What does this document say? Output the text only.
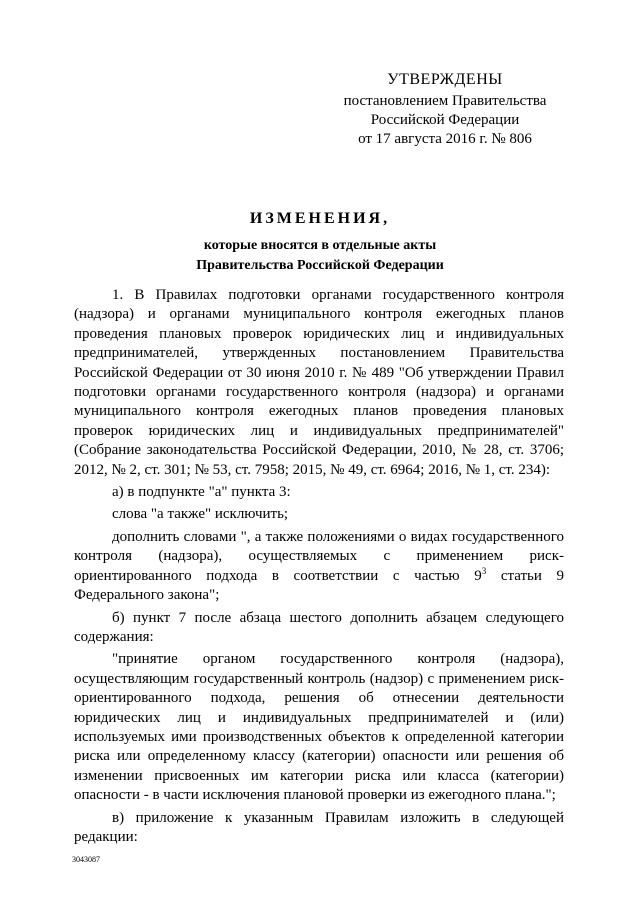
УТВЕРЖДЕНЫ
постановлением Правительства
Российской Федерации
от 17 августа 2016 г. № 806
ИЗМЕНЕНИЯ,
которые вносятся в отдельные акты
Правительства Российской Федерации

1. В Правилах подготовки органами государственного контроля (надзора) и органами муниципального контроля ежегодных планов проведения плановых проверок юридических лиц и индивидуальных предпринимателей, утвержденных постановлением Правительства Российской Федерации от 30 июня 2010 г. № 489 "Об утверждении Правил подготовки органами государственного контроля (надзора) и органами муниципального контроля ежегодных планов проведения плановых проверок юридических лиц и индивидуальных предпринимателей" (Собрание законодательства Российской Федерации, 2010, № 28, ст. 3706; 2012, № 2, ст. 301; № 53, ст. 7958; 2015, № 49, ст. 6964; 2016, № 1, ст. 234):

а) в подпункте "а" пункта 3:

слова "а также" исключить;

дополнить словами ", а также положениями о видах государственного контроля (надзора), осуществляемых с применением риск-ориентированного подхода в соответствии с частью $9^3$ статьи 9 Федерального закона";

б) пункт 7 после абзаца шестого дополнить абзацем следующего содержания:

"принятие органом государственного контроля (надзора), осуществляющим государственный контроль (надзор) с применением риск-ориентированного подхода, решения об отнесении деятельности юридических лиц и индивидуальных предпринимателей и (или) используемых ими производственных объектов к определенной категории риска или определенному классу (категории) опасности или решения об изменении присвоенных им категории риска или класса (категории) опасности - в части исключения плановой проверки из ежегодного плана.";

в) приложение к указанным Правилам изложить в следующей редакции:

3043087
